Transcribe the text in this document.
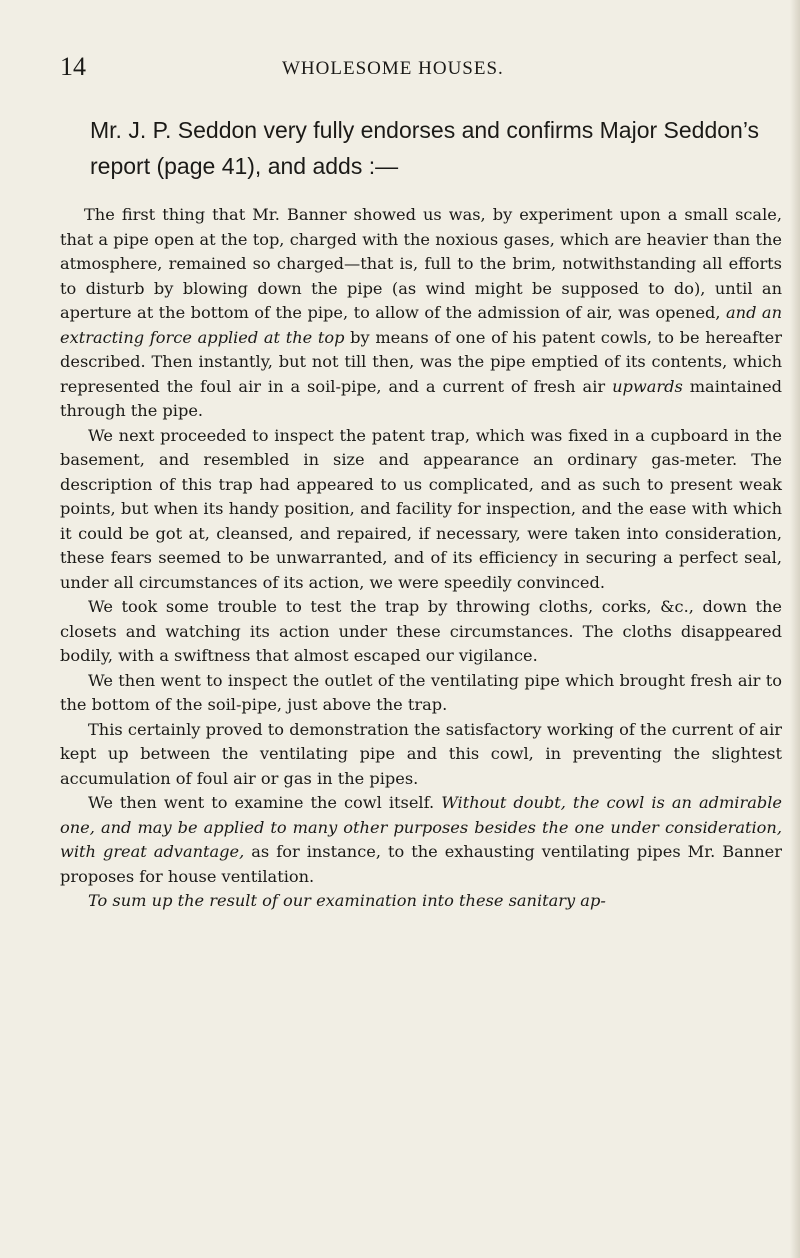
14	WHOLESOME HOUSES.

Mr. J. P. Seddon very fully endorses and confirms Major Seddon’s report (page 41), and adds :—

The first thing that Mr. Banner showed us was, by experiment upon a small scale, that a pipe open at the top, charged with the noxious gases, which are heavier than the atmosphere, remained so charged—that is, full to the brim, notwithstanding all efforts to disturb by blowing down the pipe (as wind might be supposed to do), until an aperture at the bottom of the pipe, to allow of the admission of air, was opened, and an extracting force applied at the top by means of one of his patent cowls, to be hereafter described. Then instantly, but not till then, was the pipe emptied of its contents, which represented the foul air in a soil-pipe, and a current of fresh air upwards maintained through the pipe.

We next proceeded to inspect the patent trap, which was fixed in a cupboard in the basement, and resembled in size and appearance an ordinary gas-meter. The description of this trap had appeared to us complicated, and as such to present weak points, but when its handy position, and facility for inspection, and the ease with which it could be got at, cleansed, and repaired, if necessary, were taken into consideration, these fears seemed to be unwarranted, and of its efficiency in securing a perfect seal, under all circumstances of its action, we were speedily convinced.

We took some trouble to test the trap by throwing cloths, corks, &c., down the closets and watching its action under these circumstances. The cloths disappeared bodily, with a swiftness that almost escaped our vigilance.

We then went to inspect the outlet of the ventilating pipe which brought fresh air to the bottom of the soil-pipe, just above the trap.

This certainly proved to demonstration the satisfactory working of the current of air kept up between the ventilating pipe and this cowl, in preventing the slightest accumulation of foul air or gas in the pipes.

We then went to examine the cowl itself. Without doubt, the cowl is an admirable one, and may be applied to many other purposes besides the one under consideration, with great advantage, as for instance, to the exhausting ventilating pipes Mr. Banner proposes for house ventilation.

To sum up the result of our examination into these sanitary ap-
